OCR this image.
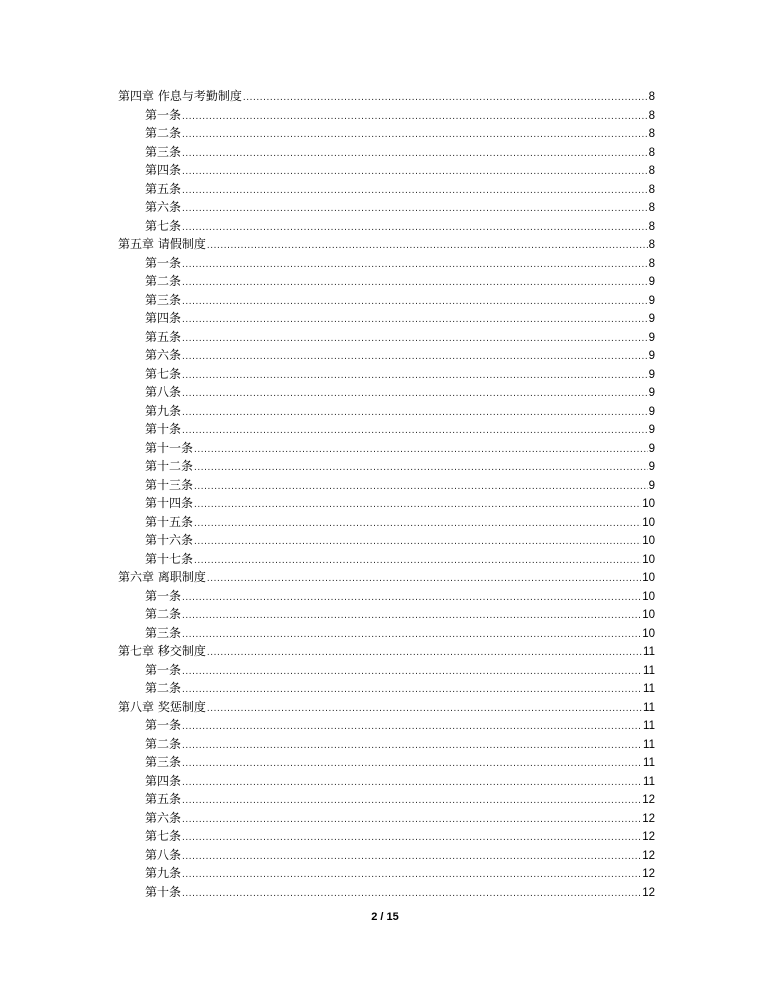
第四章 作息与考勤制度 .....	8
第一条 .....	8
第二条 .....	8
第三条 .....	8
第四条 .....	8
第五条 .....	8
第六条 .....	8
第七条 .....	8
第五章 请假制度 .....	8
第一条 .....	8
第二条 .....	9
第三条 .....	9
第四条 .....	9
第五条 .....	9
第六条 .....	9
第七条 .....	9
第八条 .....	9
第九条 .....	9
第十条 .....	9
第十一条 .....	9
第十二条 .....	9
第十三条 .....	9
第十四条 .....	10
第十五条 .....	10
第十六条 .....	10
第十七条 .....	10
第六章 离职制度 .....	10
第一条 .....	10
第二条 .....	10
第三条 .....	10
第七章 移交制度 .....	11
第一条 .....	11
第二条 .....	11
第八章 奖惩制度 .....	11
第一条 .....	11
第二条 .....	11
第三条 .....	11
第四条 .....	11
第五条 .....	12
第六条 .....	12
第七条 .....	12
第八条 .....	12
第九条 .....	12
第十条 .....	12
2 / 15
